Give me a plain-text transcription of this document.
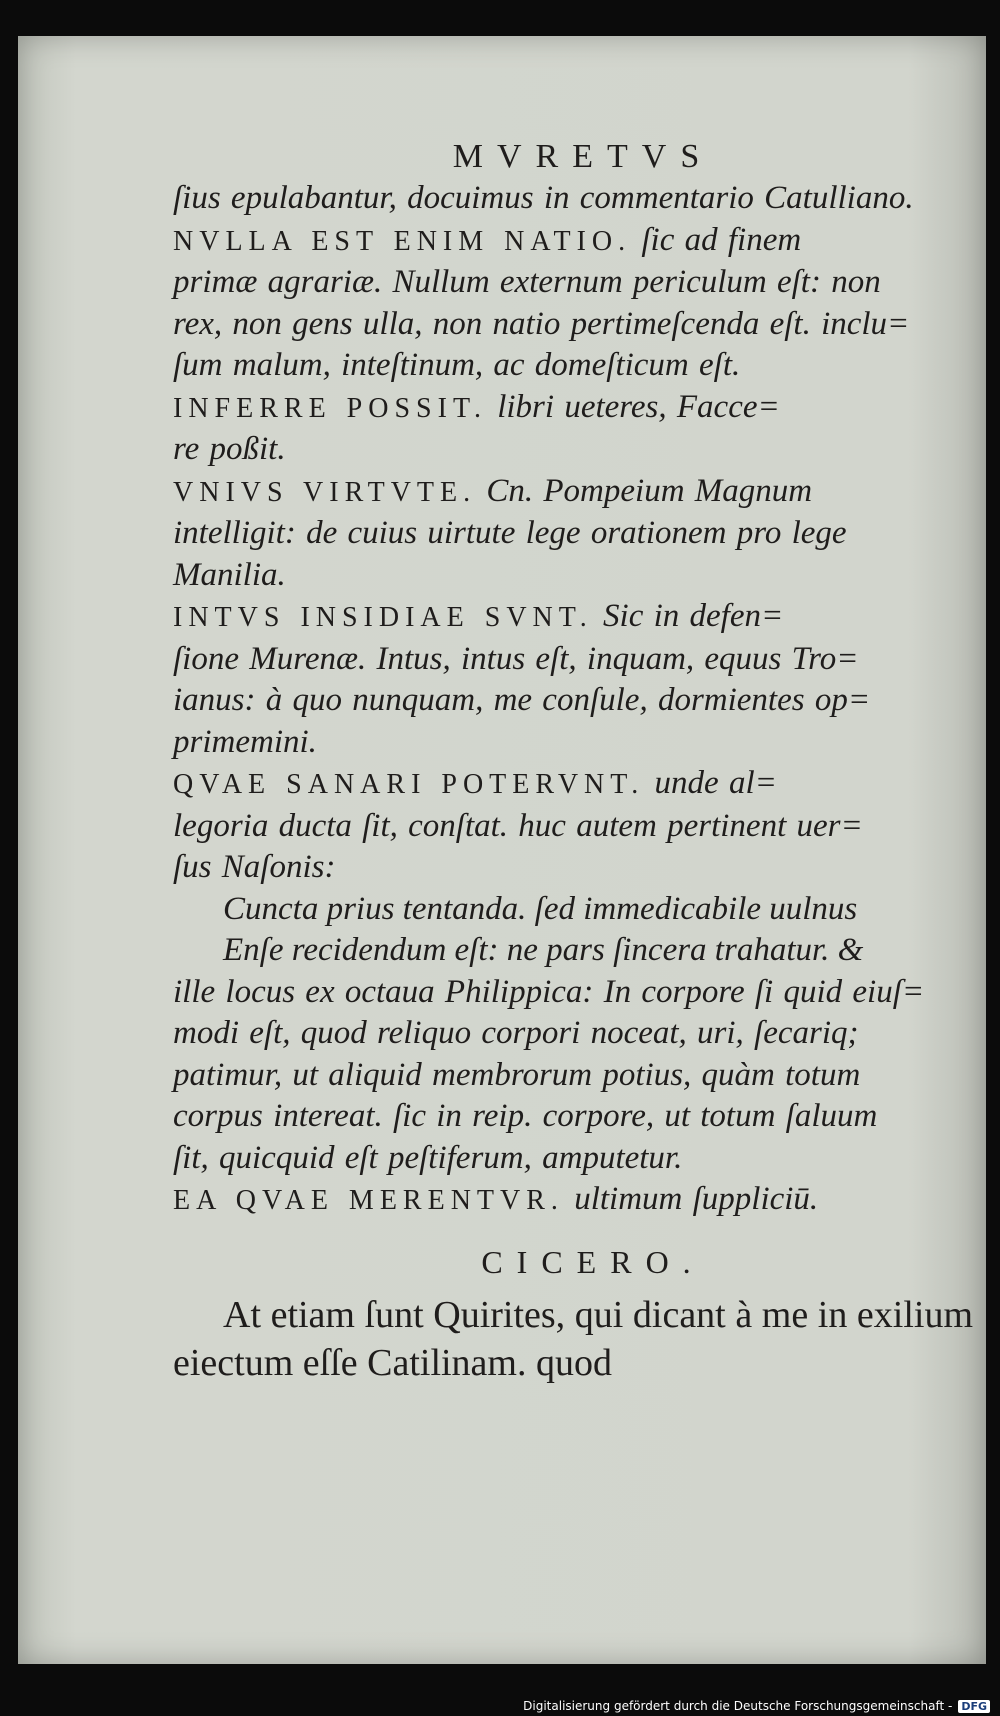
MVRETVS

ſius epulabantur, docuimus in commentario Catulliano.

NVLLA EST ENIM NATIO. ſic ad finem

primæ agrariæ. Nullum externum periculum eſt: non

rex, non gens ulla, non natio pertimeſcenda eſt. inclu=

ſum malum, inteſtinum, ac domeſticum eſt.

INFERRE POSSIT. libri ueteres, Facce=

re poßit.

VNIVS VIRTVTE. Cn. Pompeium Magnum

intelligit: de cuius uirtute lege orationem pro lege

Manilia.

INTVS INSIDIAE SVNT. Sic in defen=

ſione Murenæ. Intus, intus eſt, inquam, equus Tro=

ianus: à quo nunquam, me conſule, dormientes op=

primemini.

QVAE SANARI POTERVNT. unde al=

legoria ducta ſit, conſtat. huc autem pertinent uer=

ſus Naſonis:

Cuncta prius tentanda. ſed immedicabile uulnus

Enſe recidendum eſt: ne pars ſincera trahatur. &

ille locus ex octaua Philippica: In corpore ſi quid eiuſ=

modi eſt, quod reliquo corpori noceat, uri, ſecariq;

patimur, ut aliquid membrorum potius, quàm totum

corpus intereat. ſic in reip. corpore, ut totum ſaluum

ſit, quicquid eſt peſtiferum, amputetur.

EA QVAE MERENTVR. ultimum ſuppliciū.

CICERO.

At etiam ſunt Quirites, qui dicant à me in exilium eiectum eſſe Catilinam. quod

Digitalisierung gefördert durch die Deutsche Forschungsgemeinschaft - DFG
